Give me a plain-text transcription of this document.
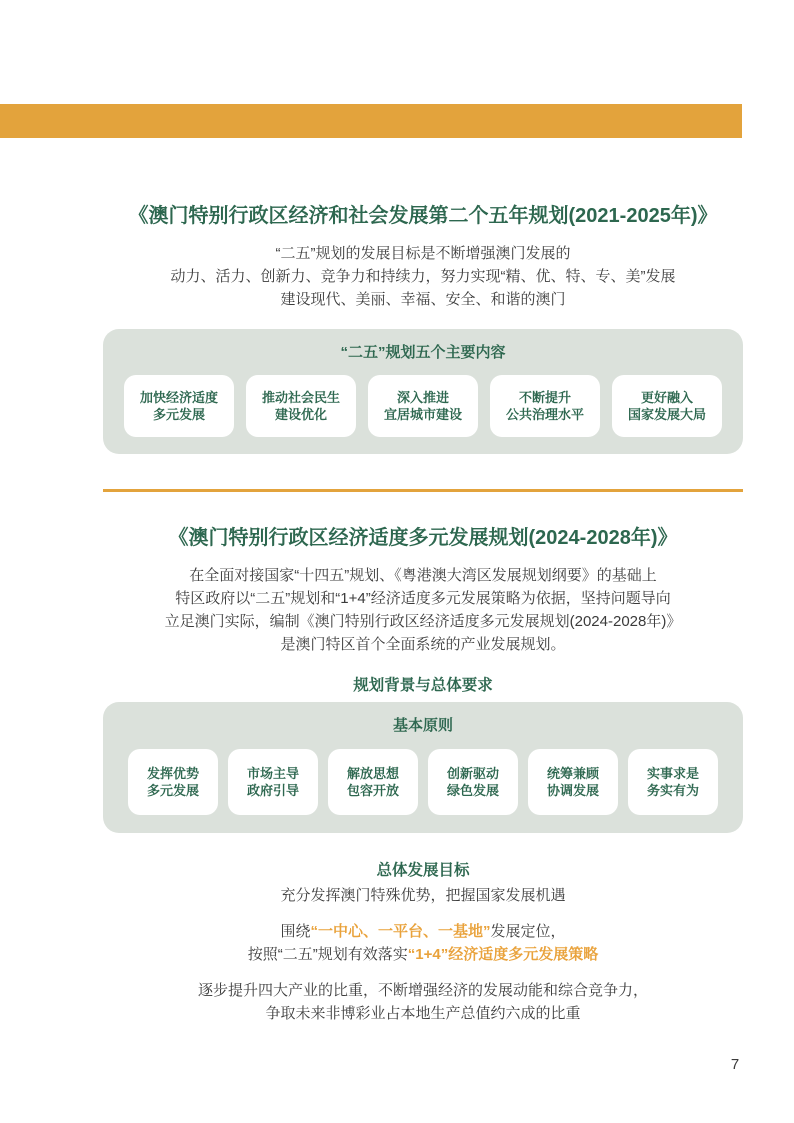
《澳门特别行政区经济和社会发展第二个五年规划(2021-2025年)》

“二五”规划的发展目标是不断增强澳门发展的

动力、活力、创新力、竞争力和持续力，努力实现“精、优、特、专、美”发展

建设现代、美丽、幸福、安全、和谐的澳门

“二五”规划五个主要内容
加快经济适度
多元发展
推动社会民生
建设优化
深入推进
宜居城市建设
不断提升
公共治理水平
更好融入
国家发展大局
《澳门特别行政区经济适度多元发展规划(2024-2028年)》

在全面对接国家“十四五”规划、《粤港澳大湾区发展规划纲要》的基础上

特区政府以“二五”规划和“1+4”经济适度多元发展策略为依据，坚持问题导向

立足澳门实际，编制《澳门特别行政区经济适度多元发展规划(2024-2028年)》

是澳门特区首个全面系统的产业发展规划。

规划背景与总体要求
基本原则
发挥优势
多元发展
市场主导
政府引导
解放思想
包容开放
创新驱动
绿色发展
统筹兼顾
协调发展
实事求是
务实有为
总体发展目标

充分发挥澳门特殊优势，把握国家发展机遇

围绕“一中心、一平台、一基地”发展定位，

按照“二五”规划有效落实“1+4”经济适度多元发展策略

逐步提升四大产业的比重，不断增强经济的发展动能和综合竞争力，

争取未来非博彩业占本地生产总值约六成的比重

7
